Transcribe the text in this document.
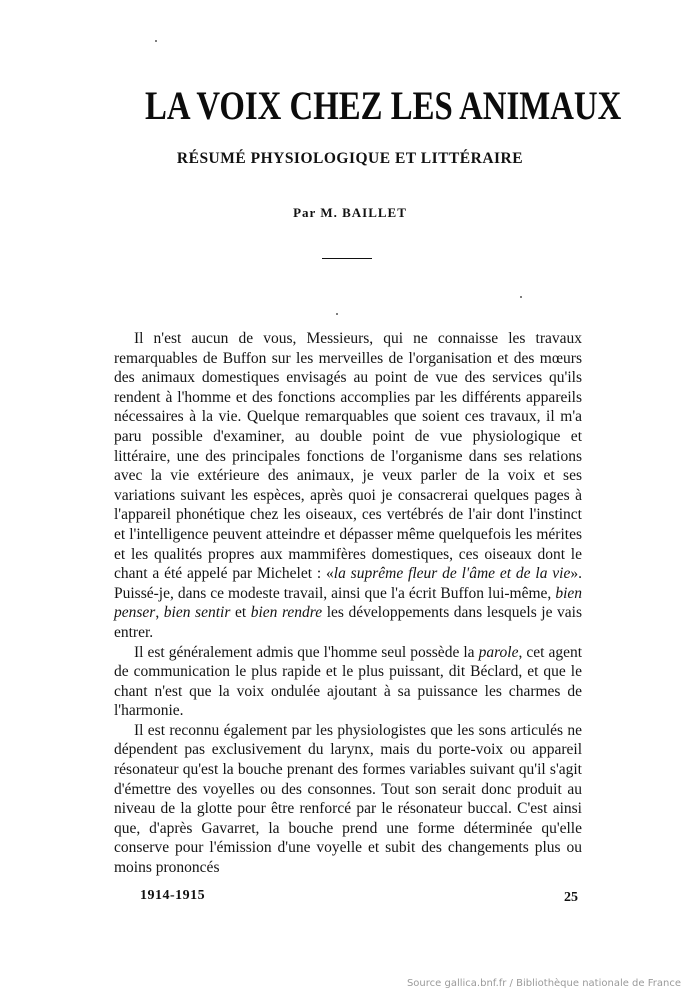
LA VOIX CHEZ LES ANIMAUX
RÉSUMÉ PHYSIOLOGIQUE ET LITTÉRAIRE
Par M. BAILLET

Il n'est aucun de vous, Messieurs, qui ne connaisse les travaux remarquables de Buffon sur les merveilles de l'organisation et des mœurs des animaux domestiques envisagés au point de vue des services qu'ils rendent à l'homme et des fonctions accomplies par les différents appareils nécessaires à la vie. Quelque remarquables que soient ces travaux, il m'a paru possible d'examiner, au double point de vue physiologique et littéraire, une des principales fonctions de l'organisme dans ses relations avec la vie extérieure des animaux, je veux parler de la voix et ses variations suivant les espèces, après quoi je consacrerai quelques pages à l'appareil phonétique chez les oiseaux, ces vertébrés de l'air dont l'instinct et l'intelligence peuvent atteindre et dépasser même quelquefois les mérites et les qualités propres aux mammifères domestiques, ces oiseaux dont le chant a été appelé par Michelet : «la suprême fleur de l'âme et de la vie». Puissé-je, dans ce modeste travail, ainsi que l'a écrit Buffon lui-même, bien penser, bien sentir et bien rendre les développements dans lesquels je vais entrer.

Il est généralement admis que l'homme seul possède la parole, cet agent de communication le plus rapide et le plus puissant, dit Béclard, et que le chant n'est que la voix ondulée ajoutant à sa puissance les charmes de l'harmonie.

Il est reconnu également par les physiologistes que les sons articulés ne dépendent pas exclusivement du larynx, mais du porte-voix ou appareil résonateur qu'est la bouche prenant des formes variables suivant qu'il s'agit d'émettre des voyelles ou des consonnes. Tout son serait donc produit au niveau de la glotte pour être renforcé par le résonateur buccal. C'est ainsi que, d'après Gavarret, la bouche prend une forme déterminée qu'elle conserve pour l'émission d'une voyelle et subit des changements plus ou moins prononcés

1914-1915	25
Source gallica.bnf.fr / Bibliothèque nationale de France
